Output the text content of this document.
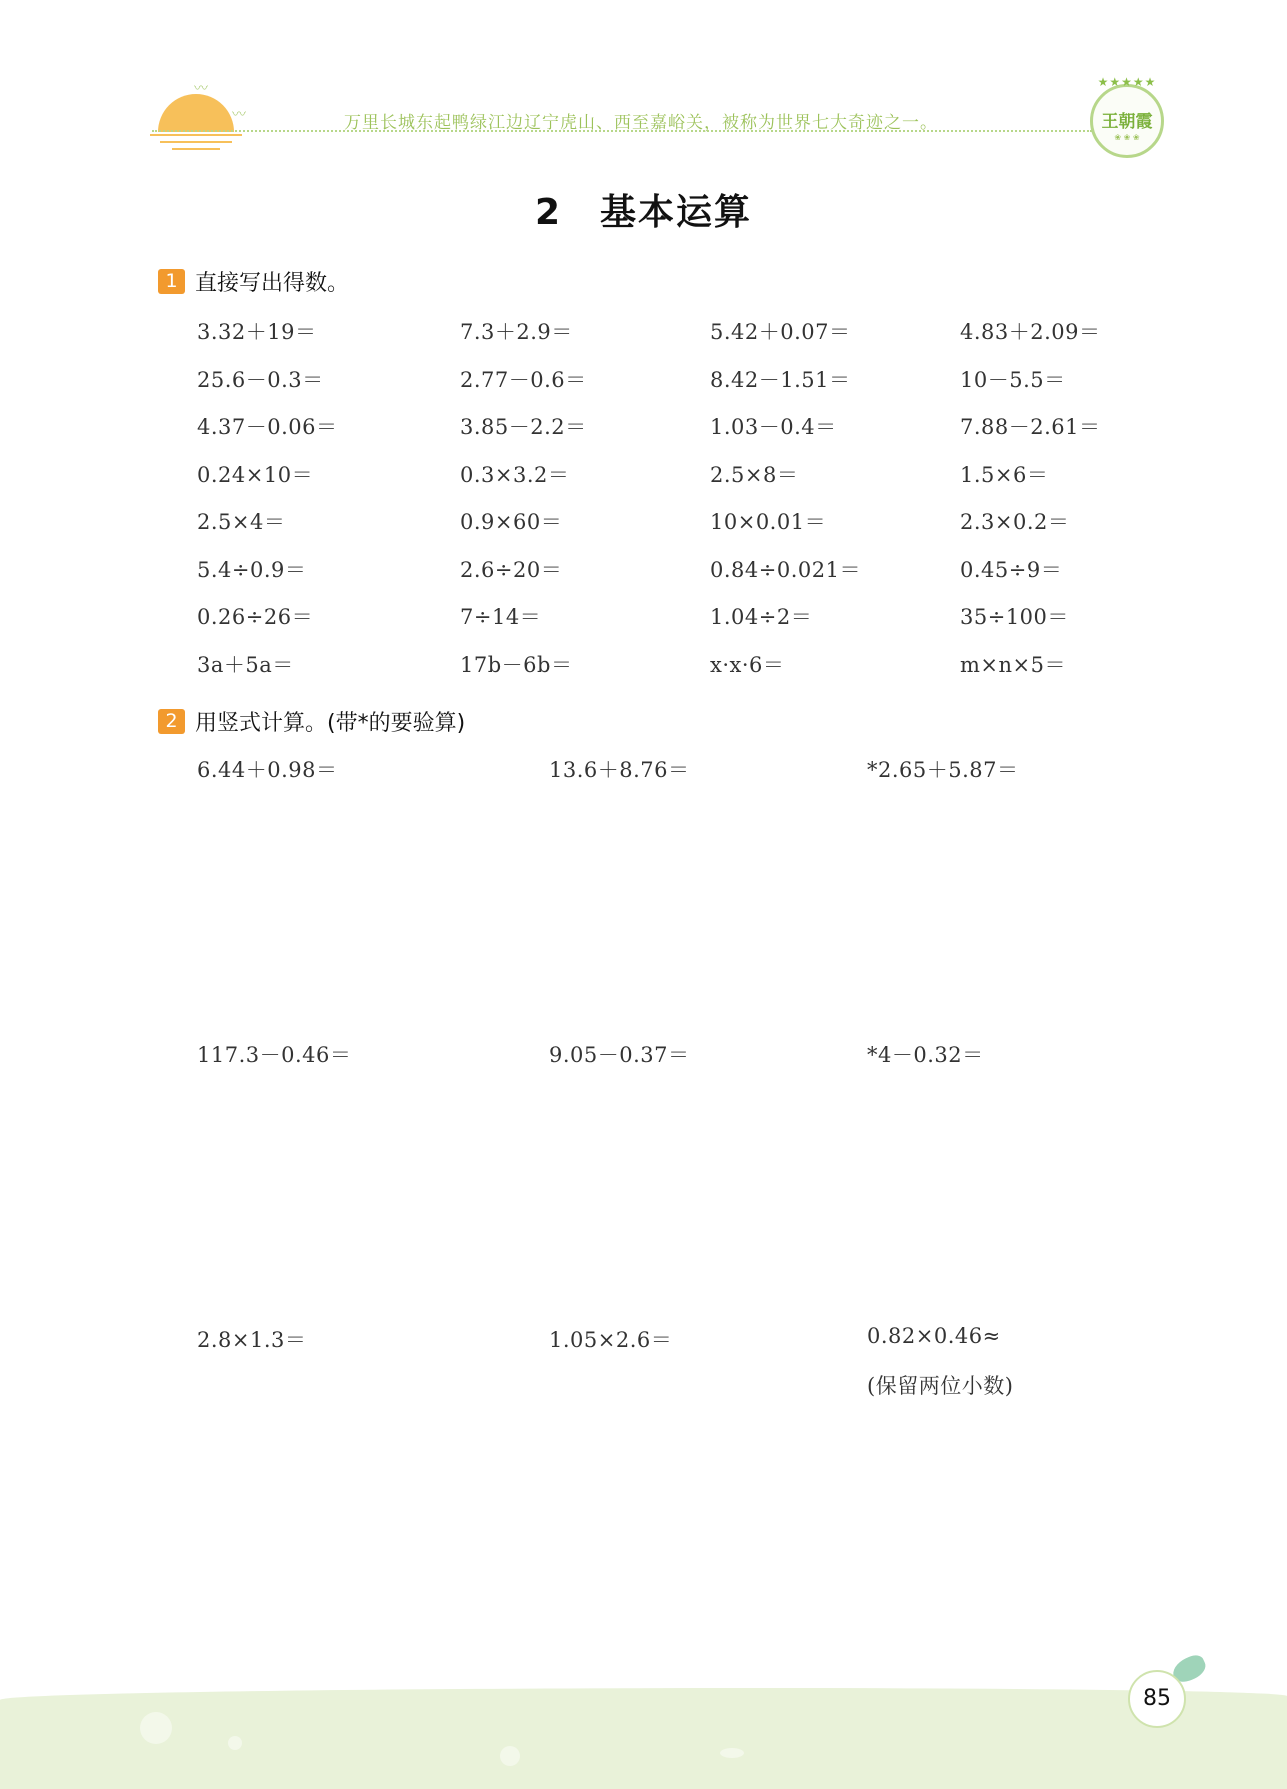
〰
〰	万里长城东起鸭绿江边辽宁虎山、西至嘉峪关，被称为世界七大奇迹之一。
★★★★★
王朝霞
❀ ❀ ❀
2　基本运算
1 直接写出得数。
3.32＋19＝	7.3＋2.9＝	5.42＋0.07＝	4.83＋2.09＝
25.6－0.3＝	2.77－0.6＝	8.42－1.51＝	10－5.5＝
4.37－0.06＝	3.85－2.2＝	1.03－0.4＝	7.88－2.61＝
0.24×10＝	0.3×3.2＝	2.5×8＝	1.5×6＝
2.5×4＝	0.9×60＝	10×0.01＝	2.3×0.2＝
5.4÷0.9＝	2.6÷20＝	0.84÷0.021＝	0.45÷9＝
0.26÷26＝	7÷14＝	1.04÷2＝	35÷100＝
3a＋5a＝	17b－6b＝	x·x·6＝	m×n×5＝
2 用竖式计算。(带*的要验算)
6.44＋0.98＝	13.6＋8.76＝	*2.65＋5.87＝
117.3－0.46＝	9.05－0.37＝	*4－0.32＝
2.8×1.3＝	1.05×2.6＝	0.82×0.46≈
(保留两位小数)
85
